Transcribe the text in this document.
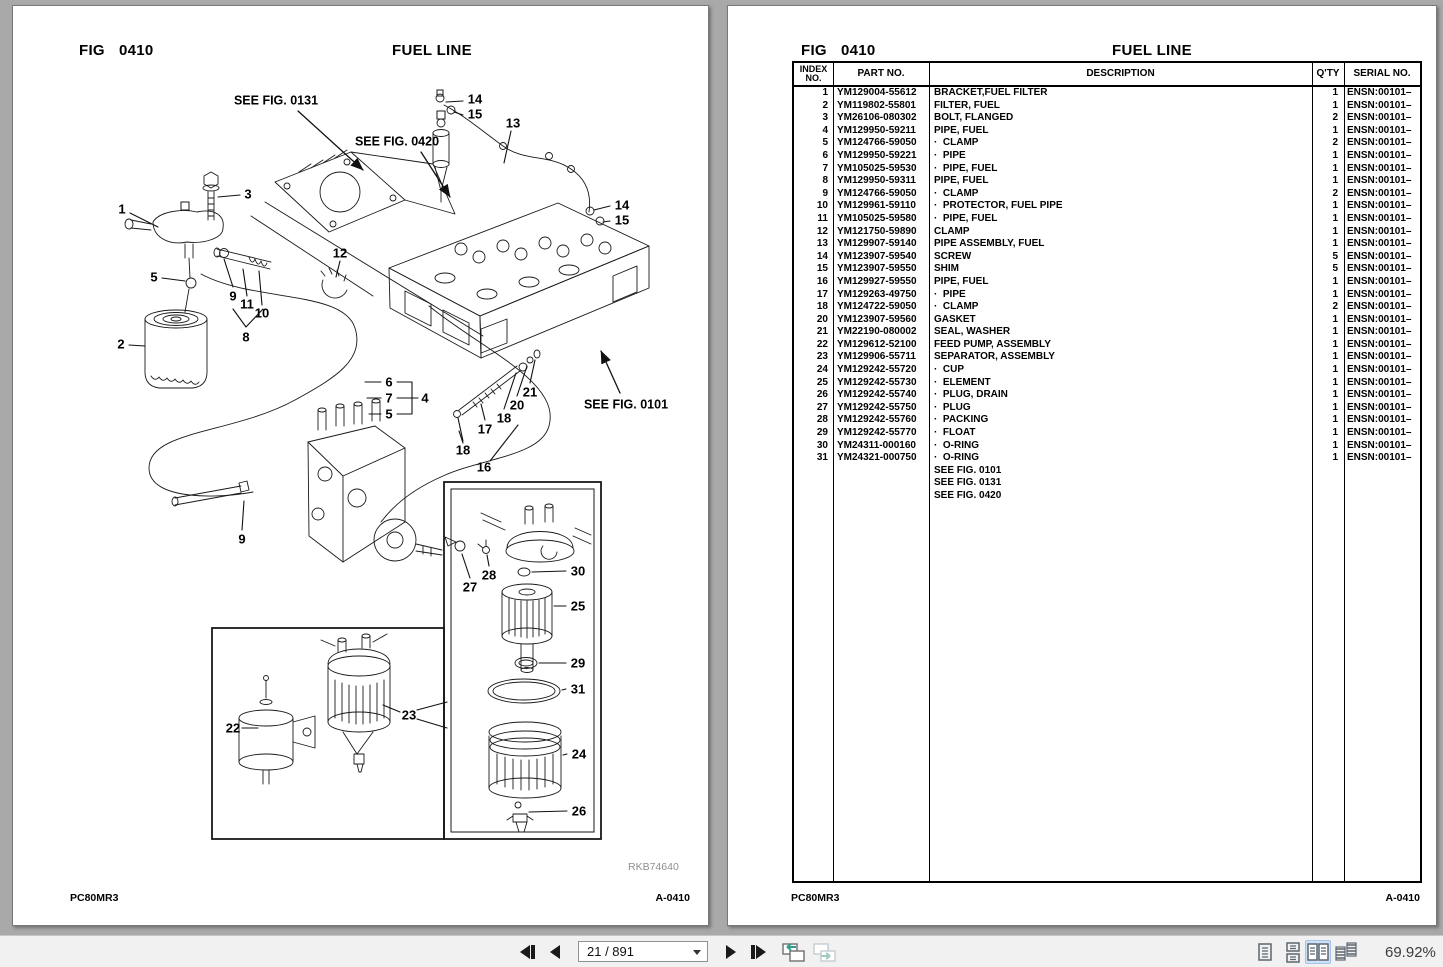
FIG 0410	FUEL LINE
14
15
13
14
15
3
1
5
12
9
11
10
8
2
6
7
5
4	21
20
18
17
18
16
9
27
28	30
25
29
31
24
26
22
23
SEE FIG. 0131
SEE FIG. 0420
SEE FIG. 0101
RKB74640
PC80MR3	A-0410
FIG 0410	FUEL LINE
INDEX
NO.	PART NO.	DESCRIPTION	Q'TY	SERIAL NO.
1 YM129004-55612	BRACKET,FUEL FILTER	1 ENSN:00101–
2 YM119802-55801	FILTER, FUEL	1 ENSN:00101–
3 YM26106-080302	BOLT, FLANGED	2 ENSN:00101–
4 YM129950-59211	PIPE, FUEL	1 ENSN:00101–
5 YM124766-59050	·  CLAMP	2 ENSN:00101–
6 YM129950-59221	·  PIPE	1 ENSN:00101–
7 YM105025-59530	·  PIPE, FUEL	1 ENSN:00101–
8 YM129950-59311	PIPE, FUEL	1 ENSN:00101–
9 YM124766-59050	·  CLAMP	2 ENSN:00101–
10 YM129961-59110	·  PROTECTOR, FUEL PIPE	1 ENSN:00101–
11 YM105025-59580	·  PIPE, FUEL	1 ENSN:00101–
12 YM121750-59890	CLAMP	1 ENSN:00101–
13 YM129907-59140	PIPE ASSEMBLY, FUEL	1 ENSN:00101–
14 YM123907-59540	SCREW	5 ENSN:00101–
15 YM123907-59550	SHIM	5 ENSN:00101–
16 YM129927-59550	PIPE, FUEL	1 ENSN:00101–
17 YM129263-49750	·  PIPE	1 ENSN:00101–
18 YM124722-59050	·  CLAMP	2 ENSN:00101–
20 YM123907-59560	GASKET	1 ENSN:00101–
21 YM22190-080002	SEAL, WASHER	1 ENSN:00101–
22 YM129612-52100	FEED PUMP, ASSEMBLY	1 ENSN:00101–
23 YM129906-55711	SEPARATOR, ASSEMBLY	1 ENSN:00101–
24 YM129242-55720	·  CUP	1 ENSN:00101–
25 YM129242-55730	·  ELEMENT	1 ENSN:00101–
26 YM129242-55740	·  PLUG, DRAIN	1 ENSN:00101–
27 YM129242-55750	·  PLUG	1 ENSN:00101–
28 YM129242-55760	·  PACKING	1 ENSN:00101–
29 YM129242-55770	·  FLOAT	1 ENSN:00101–
30 YM24311-000160	·  O-RING	1 ENSN:00101–
31 YM24321-000750	·  O-RING	1 ENSN:00101–
SEE FIG. 0101
SEE FIG. 0131
SEE FIG. 0420
PC80MR3	A-0410
21 / 891	69.92%
